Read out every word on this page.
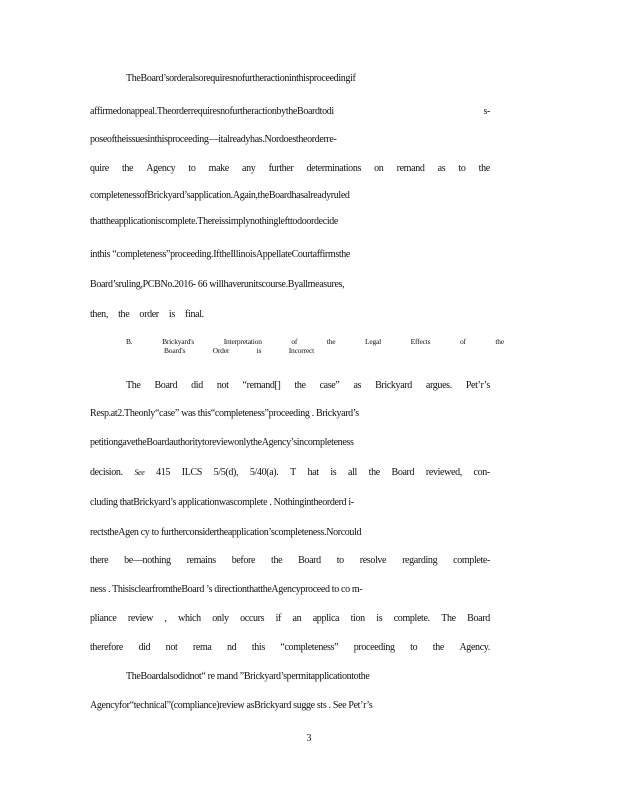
TheBoard’sorderalsorequiresnofurtheractioninthisproceedingif
affirmedonappeal.TheorderrequiresnofurtheractionbytheBoardtodi	s-
poseoftheissuesinthisproceeding—italreadyhas.Nordoestheorderre-
quire the Agency to make any further determinations on remand as to the
completenessofBrickyard’sapplication.Again,theBoardhasalreadyruled
thattheapplicationiscomplete.Thereissimplynothinglefttodoordecide
inthis “completeness”proceeding.IftheIllinoisAppellateCourtaffirmsthe
Board’sruling,PCBNo.2016- 66 willhaverunitscourse.Byallmeasures,
then, the order is final.
B.	Brickyard's	Interpretation	of	the	Legal	Effects	of	the
Board's	Order	is	Incorrect
The Board did not “remand[] the case” as Brickyard argues. Pet’r’s
Resp.at2.Theonly“case” was this“completeness”proceeding . Brickyard’s
petitiongavetheBoardauthoritytoreviewonlytheAgency’sincompleteness
decision. See 415 ILCS 5/5(d), 5/40(a). T hat is all the Board reviewed, con-
cluding thatBrickyard’s applicationwascomplete . Nothingintheorderd i-
rectstheAgen cy to furtherconsidertheapplication’scompleteness.Norcould
there be—nothing remains before the Board to resolve regarding complete-
ness . ThisisclearfromtheBoard ’s directionthattheAgencyproceed to co m-
pliance review , which only occurs if an applica tion is complete. The Board
therefore did not rema nd this “completeness” proceeding to the Agency.
TheBoardalsodidnot“ re mand ”Brickyard’spermitapplicationtothe
Agencyfor“technical”(compliance)review asBrickyard sugge sts . See Pet’r’s
3
